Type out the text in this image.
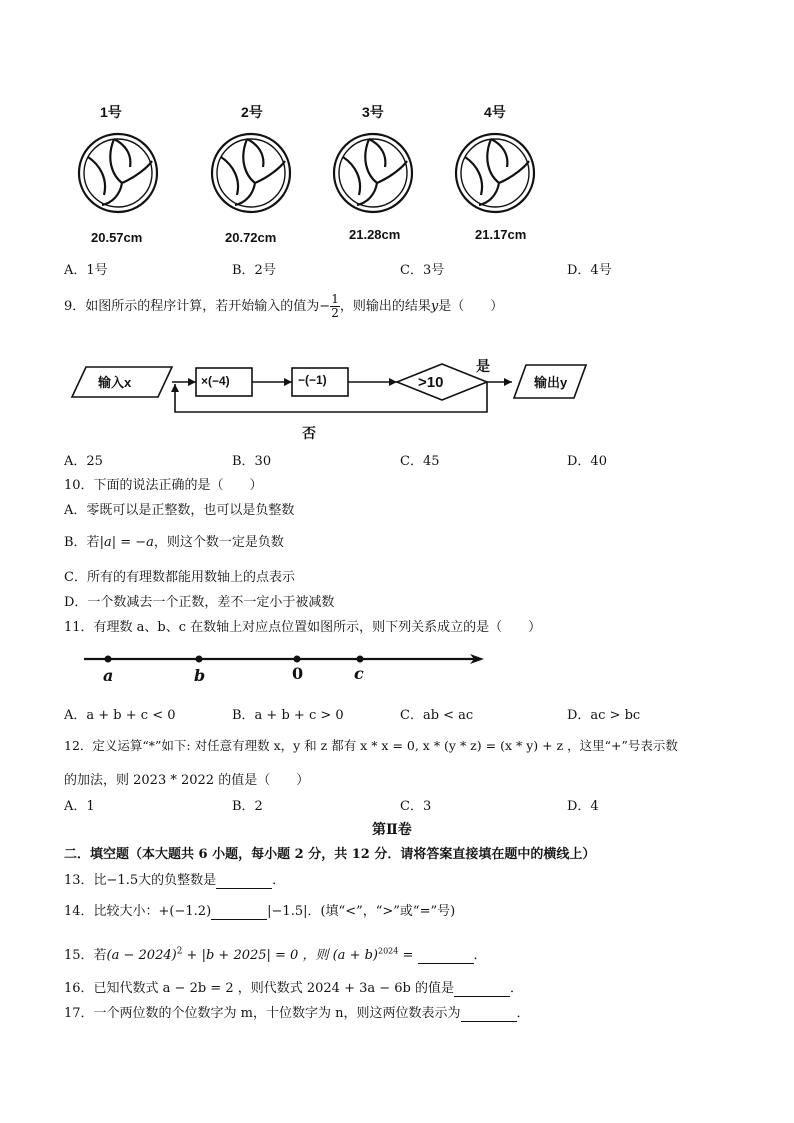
1号	2号	3号	4号
20.57cm	20.72cm	21.28cm	21.17cm
A．1号	B．2号	C．3号	D．4号
9．如图所示的程序计算，若开始输入的值为− $\frac{1}{2}$ ，则输出的结果y是（　　）
输入x	×(−4)	−(−1)	>10
是
输出y
否
A．25	B．30	C．45	D．40
10．下面的说法正确的是（　　）
A．零既可以是正整数，也可以是负整数
B．若|a| = −a，则这个数一定是负数
C．所有的有理数都能用数轴上的点表示
D．一个数减去一个正数，差不一定小于被减数
11．有理数 a、b、c 在数轴上对应点位置如图所示，则下列关系成立的是（　　）
a	b	0	c
A．a + b + c < 0	B．a + b + c > 0	C．ab < ac	D．ac > bc
12．定义运算“*”如下: 对任意有理数 x，y 和 z 都有 x * x = 0, x * (y * z) = (x * y) + z ，这里“+”号表示数
的加法，则 2023 * 2022 的值是（　　）
A．1	B．2	C．3	D．4
第Ⅱ卷
二．填空题（本大题共 6 小题，每小题 2 分，共 12 分．请将答案直接填在题中的横线上）
13．比−1.5大的负整数是	．
14．比较大小：+(−1.2)	|−1.5|．(填“<”，“>”或“=”号)
15．若$(a - 2024)^2 + |b + 2025| = 0$ ，则 $(a + b)^{2024}$ =	．
16．已知代数式 a − 2b = 2 ，则代数式 2024 + 3a − 6b 的值是	．
17．一个两位数的个位数字为 m，十位数字为 n，则这两位数表示为	．
